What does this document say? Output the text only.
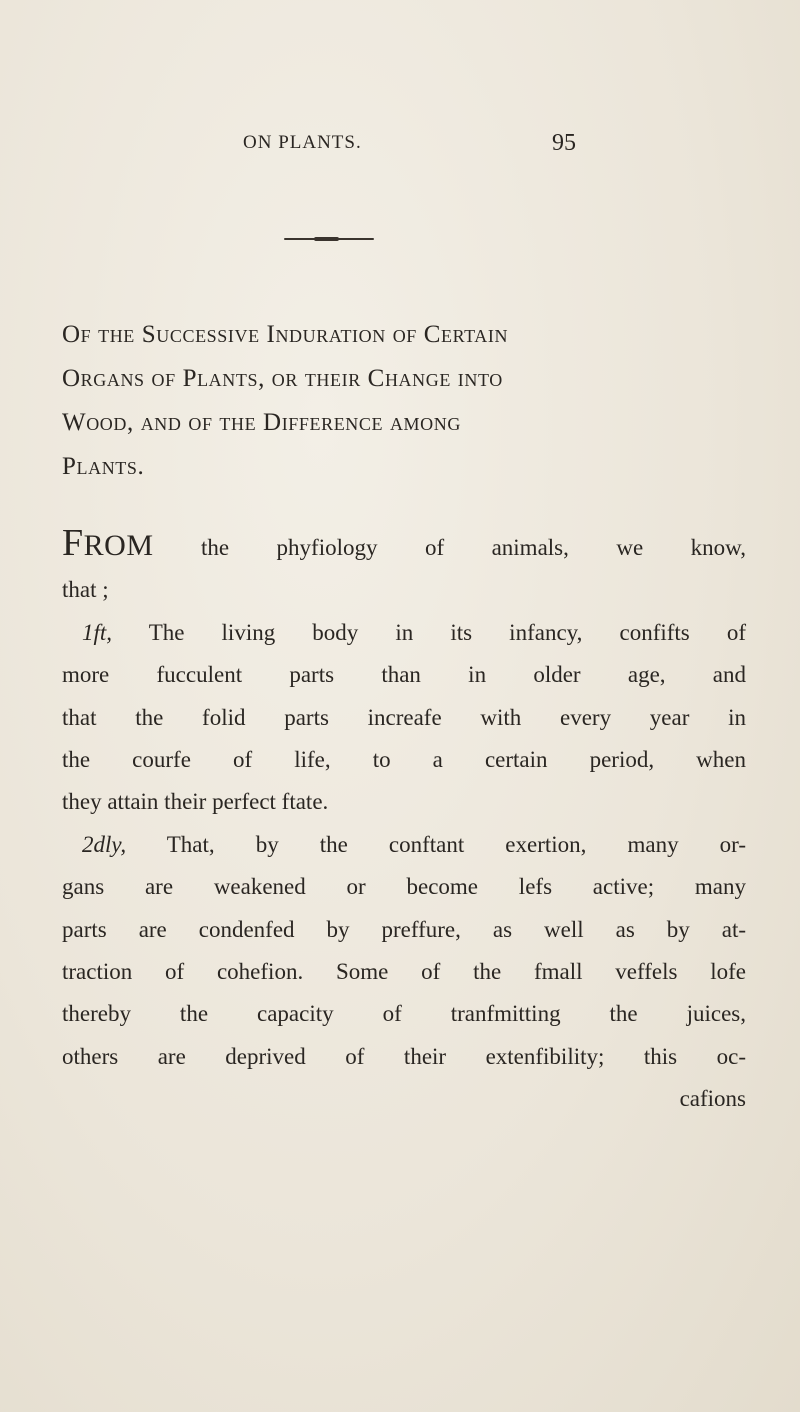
ON PLANTS.	95
Of the Successive Induration of Certain
Organs of Plants, or their Change into
Wood, and of the Difference among
Plants.

FROM the phyfiology of animals, we know,

that ;

1ft, The living body in its infancy, confifts of

more fucculent parts than in older age, and

that the folid parts increafe with every year in

the courfe of life, to a certain period, when

they attain their perfect ftate.

2dly, That, by the conftant exertion, many or-

gans are weakened or become lefs active; many

parts are condenfed by preffure, as well as by at-

traction of cohefion. Some of the fmall veffels lofe

thereby the capacity of tranfmitting the juices,

others are deprived of their extenfibility; this oc-

cafions
